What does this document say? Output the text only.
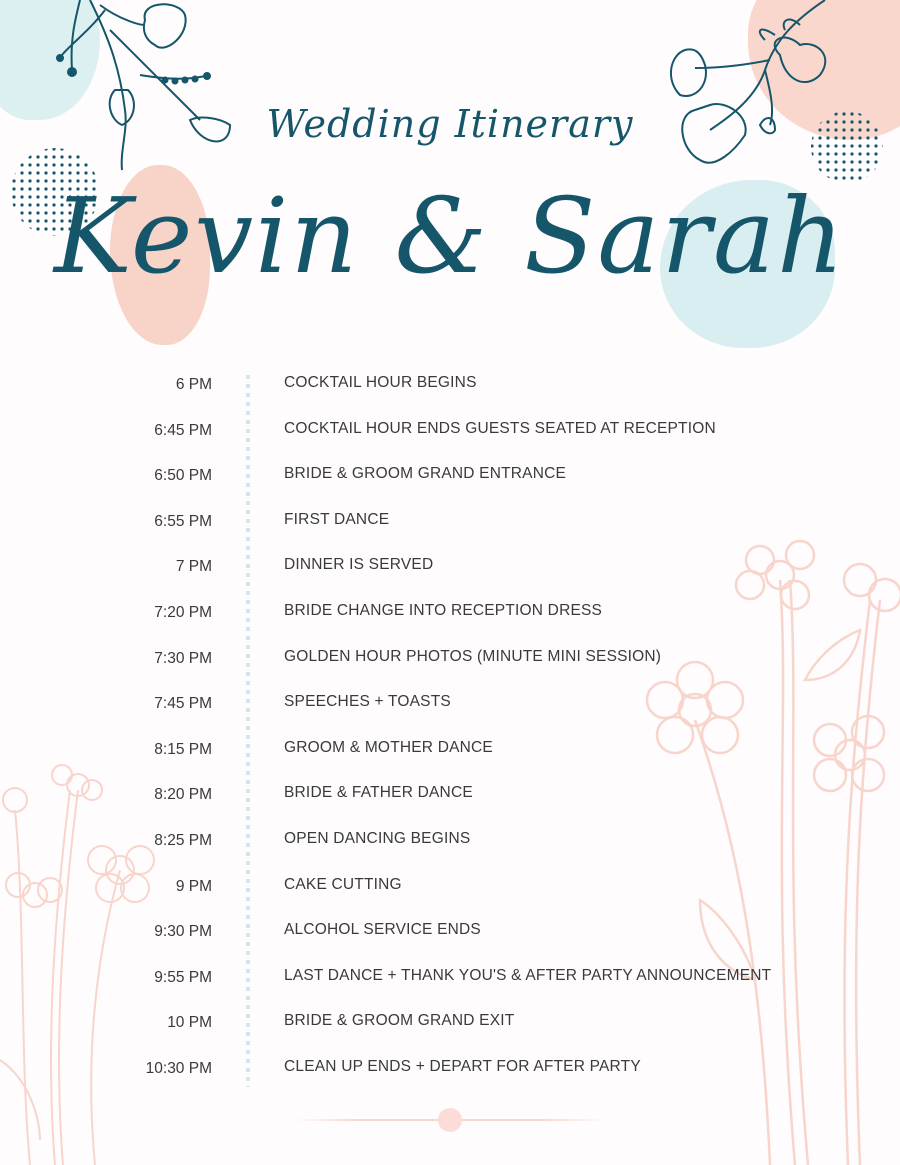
Wedding Itinerary
Kevin & Sarah
6 PM	COCKTAIL HOUR BEGINS
6:45 PM	COCKTAIL HOUR ENDS GUESTS SEATED AT RECEPTION
6:50 PM	BRIDE & GROOM GRAND ENTRANCE
6:55 PM	FIRST DANCE
7 PM	DINNER IS SERVED
7:20 PM	BRIDE CHANGE INTO RECEPTION DRESS
7:30 PM	GOLDEN HOUR PHOTOS (MINUTE MINI SESSION)
7:45 PM	SPEECHES + TOASTS
8:15 PM	GROOM & MOTHER DANCE
8:20 PM	BRIDE & FATHER DANCE
8:25 PM	OPEN DANCING BEGINS
9 PM	CAKE CUTTING
9:30 PM	ALCOHOL SERVICE ENDS
9:55 PM	LAST DANCE + THANK YOU'S & AFTER PARTY ANNOUNCEMENT
10 PM	BRIDE & GROOM GRAND EXIT
10:30 PM	CLEAN UP ENDS + DEPART FOR AFTER PARTY
